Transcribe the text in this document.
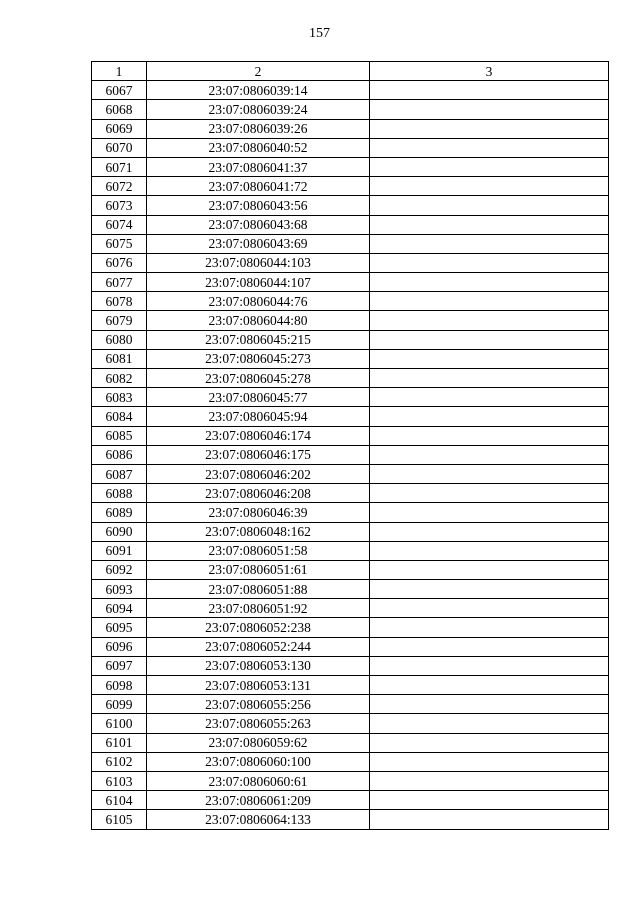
157
1	2	3
6067	23:07:0806039:14	
6068	23:07:0806039:24	
6069	23:07:0806039:26	
6070	23:07:0806040:52	
6071	23:07:0806041:37	
6072	23:07:0806041:72	
6073	23:07:0806043:56	
6074	23:07:0806043:68	
6075	23:07:0806043:69	
6076	23:07:0806044:103	
6077	23:07:0806044:107	
6078	23:07:0806044:76	
6079	23:07:0806044:80	
6080	23:07:0806045:215	
6081	23:07:0806045:273	
6082	23:07:0806045:278	
6083	23:07:0806045:77	
6084	23:07:0806045:94	
6085	23:07:0806046:174	
6086	23:07:0806046:175	
6087	23:07:0806046:202	
6088	23:07:0806046:208	
6089	23:07:0806046:39	
6090	23:07:0806048:162	
6091	23:07:0806051:58	
6092	23:07:0806051:61	
6093	23:07:0806051:88	
6094	23:07:0806051:92	
6095	23:07:0806052:238	
6096	23:07:0806052:244	
6097	23:07:0806053:130	
6098	23:07:0806053:131	
6099	23:07:0806055:256	
6100	23:07:0806055:263	
6101	23:07:0806059:62	
6102	23:07:0806060:100	
6103	23:07:0806060:61	
6104	23:07:0806061:209	
6105	23:07:0806064:133	
